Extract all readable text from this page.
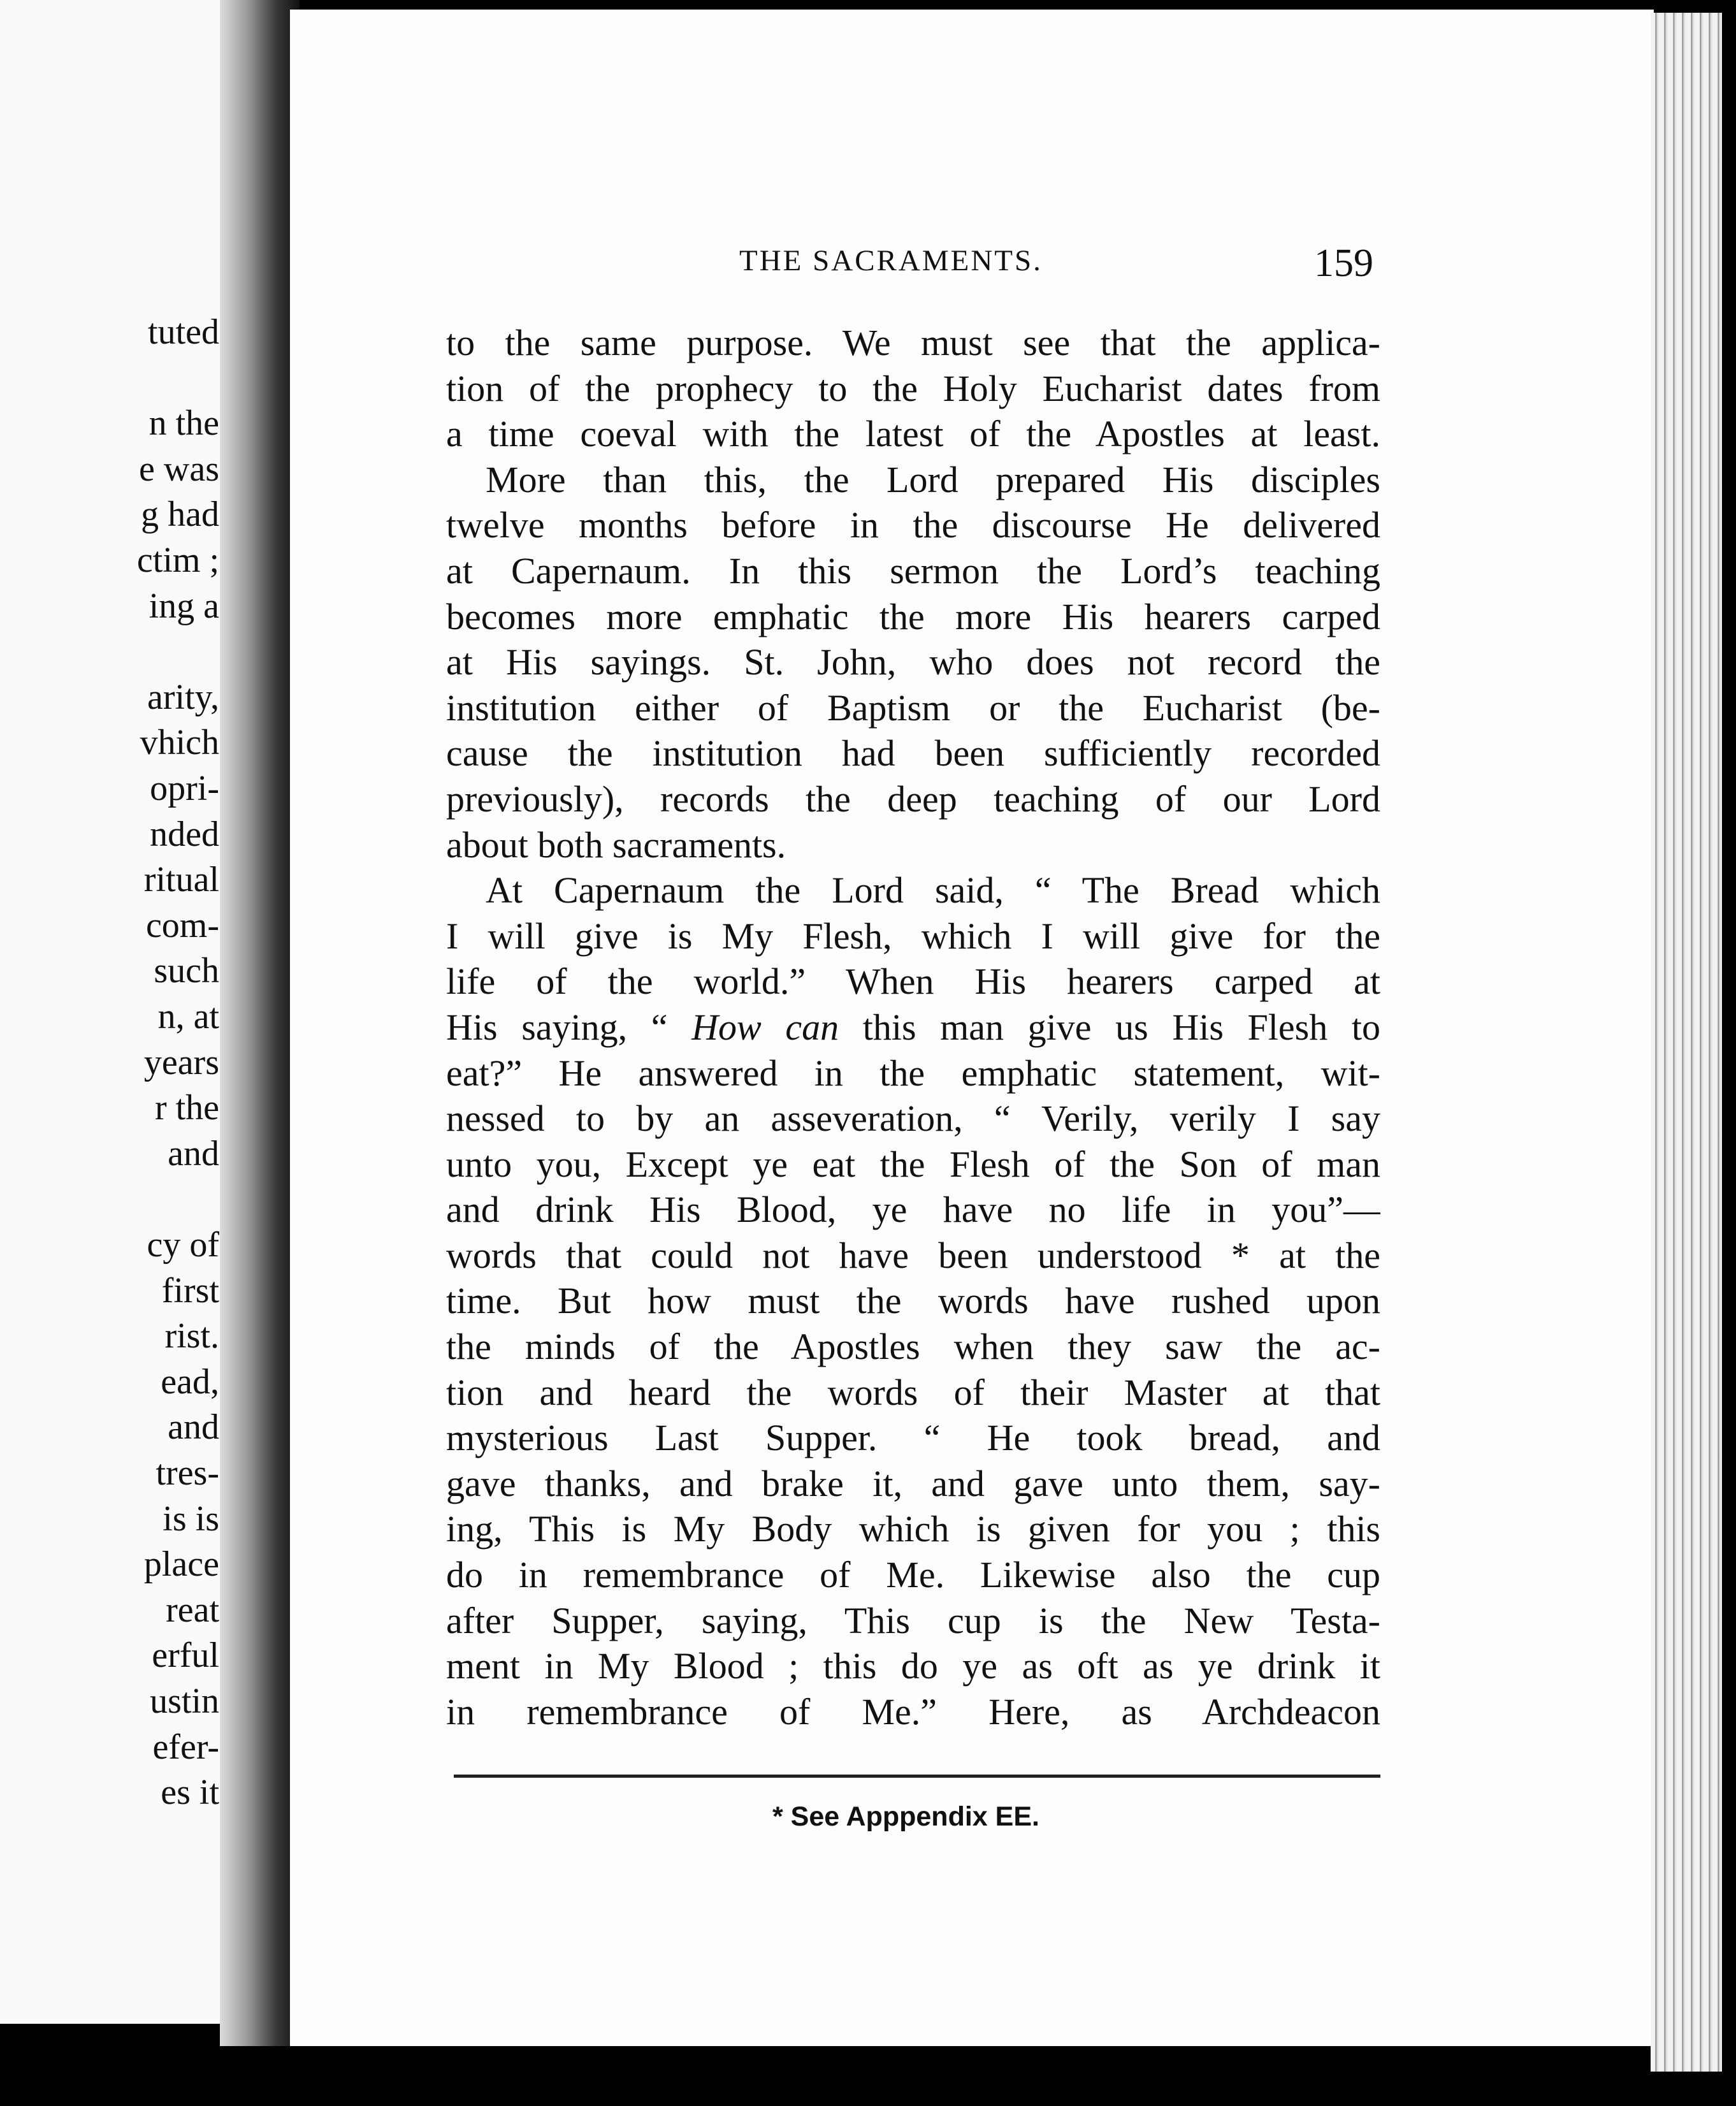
tuted
n the
e was
g had
ctim ;
ing a
arity,
vhich
opri-
nded
ritual
com-
such
n, at
years
r the
and
cy of
first
rist.
ead,
and
tres-
is is
place
reat
erful
ustin
efer-
es it
THE SACRAMENTS.	159
to the same purpose. We must see that the applica-
tion of the prophecy to the Holy Eucharist dates from
a time coeval with the latest of the Apostles at least.
More than this, the Lord prepared His disciples
twelve months before in the discourse He delivered
at Capernaum. In this sermon the Lord’s teaching
becomes more emphatic the more His hearers carped
at His sayings. St. John, who does not record the
institution either of Baptism or the Eucharist (be-
cause the institution had been sufficiently recorded
previously), records the deep teaching of our Lord
about both sacraments.
At Capernaum the Lord said, “ The Bread which
I will give is My Flesh, which I will give for the
life of the world.” When His hearers carped at
His saying, “ How can this man give us His Flesh to
eat?” He answered in the emphatic statement, wit-
nessed to by an asseveration, “ Verily, verily I say
unto you, Except ye eat the Flesh of the Son of man
and drink His Blood, ye have no life in you”—
words that could not have been understood * at the
time. But how must the words have rushed upon
the minds of the Apostles when they saw the ac-
tion and heard the words of their Master at that
mysterious Last Supper. “ He took bread, and
gave thanks, and brake it, and gave unto them, say-
ing, This is My Body which is given for you ; this
do in remembrance of Me. Likewise also the cup
after Supper, saying, This cup is the New Testa-
ment in My Blood ; this do ye as oft as ye drink it
in remembrance of Me.” Here, as Archdeacon
* See Apppendix EE.
